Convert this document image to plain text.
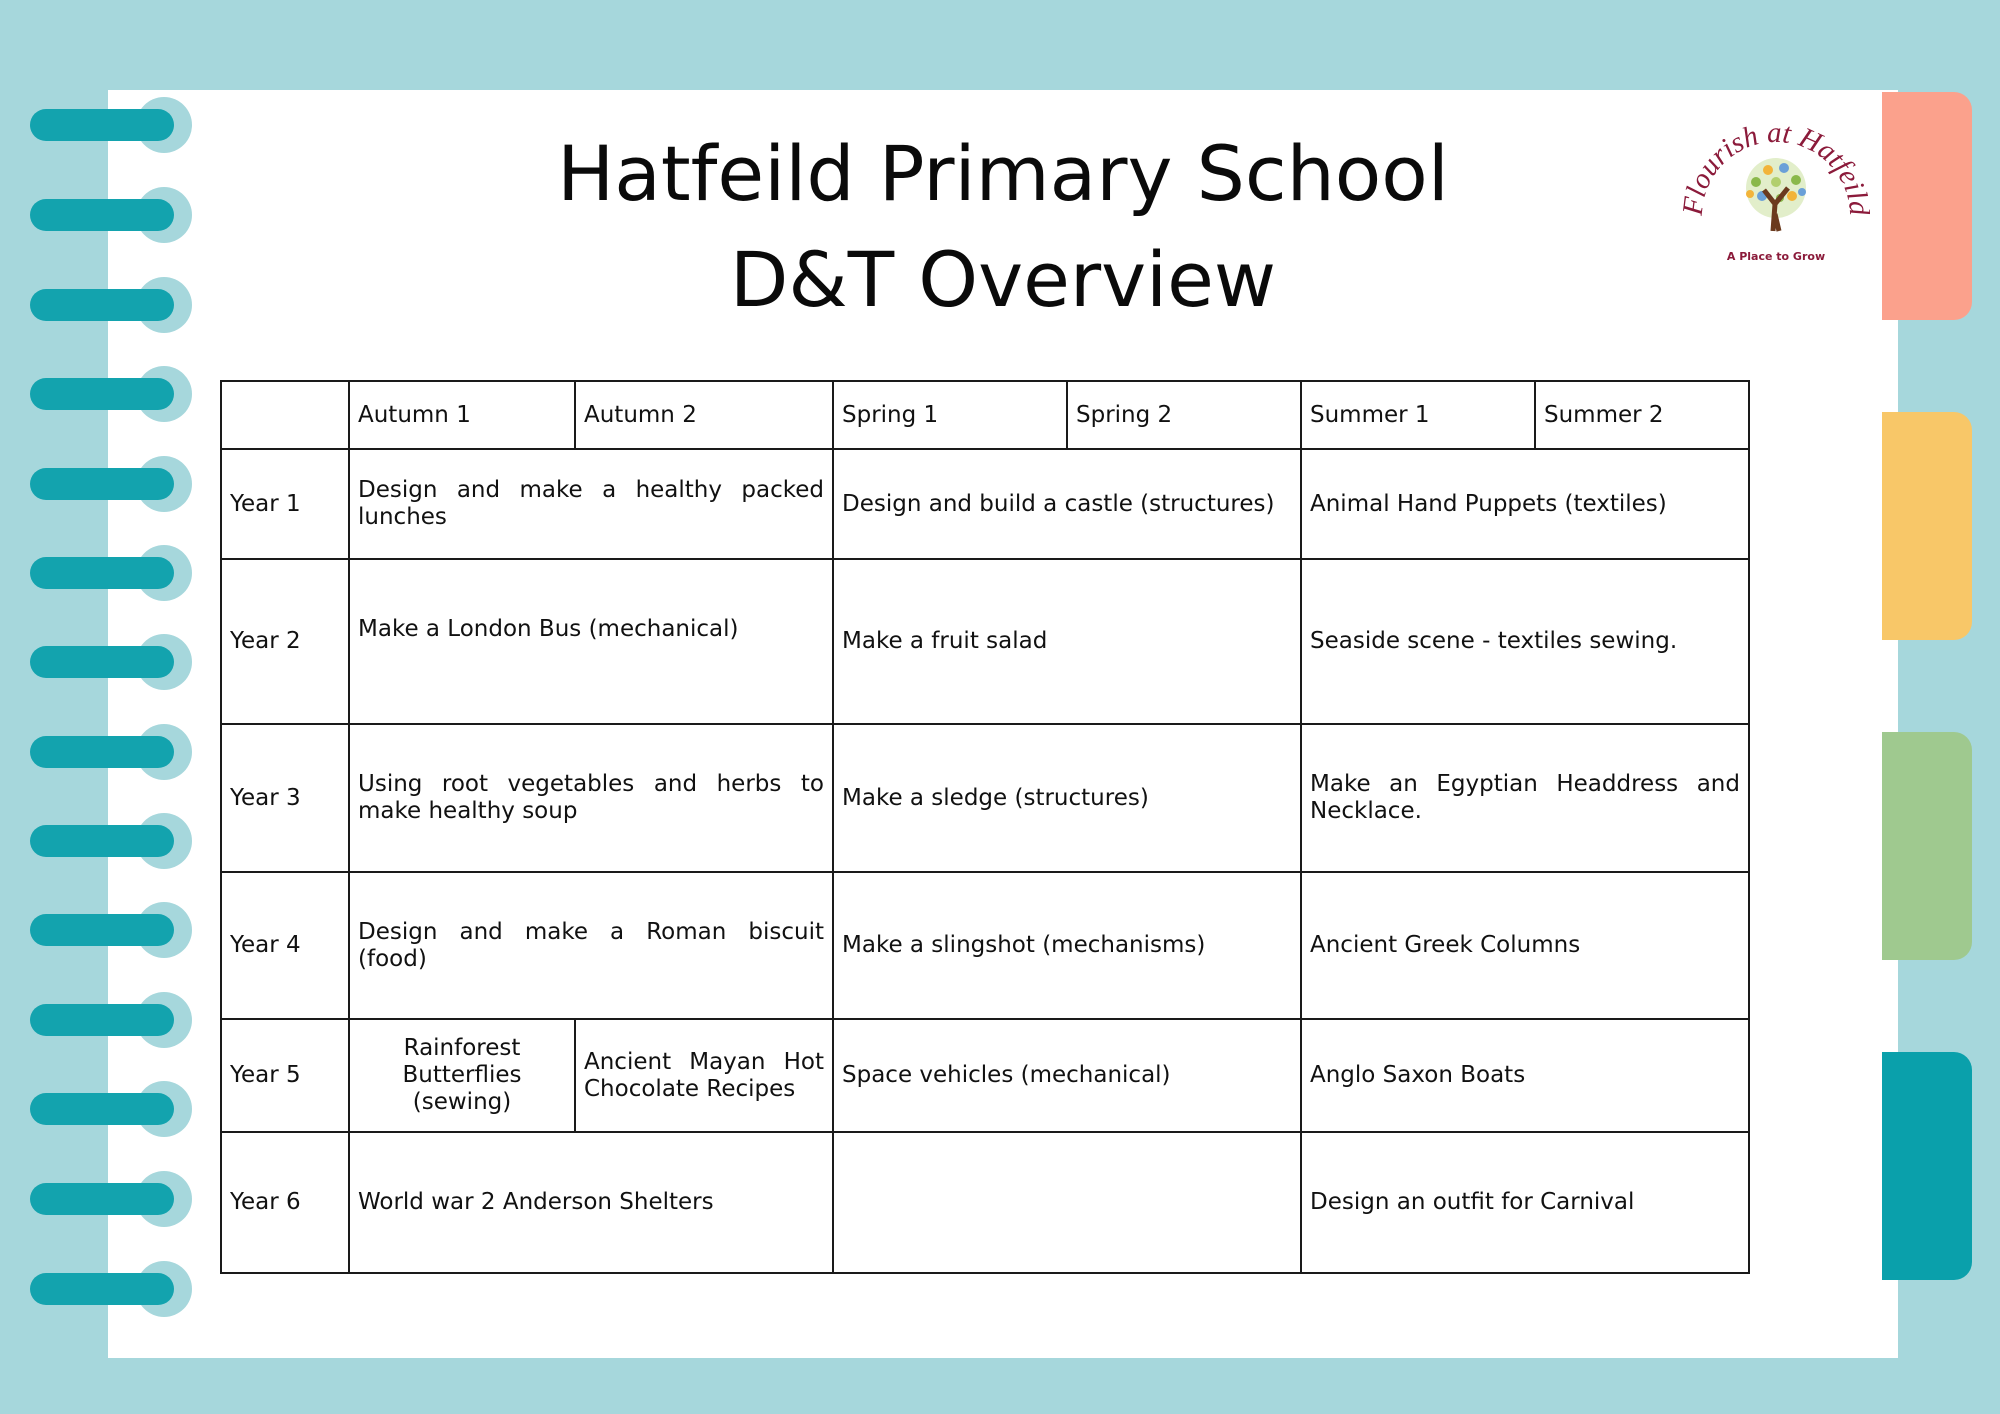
Hatfeild Primary School
D&T Overview
Flourish at Hatfeil
A Place to Grow
	Autumn 1	Autumn 2	Spring 1	Spring 2	Summer 1	Summer 2
Year 1	Design and make a healthy packed lunches		Design and build a castle (structures)		Animal Hand Puppets (textiles)	
Year 2	Make a London Bus (mechanical)		Make a fruit salad		Seaside scene - textiles sewing.	
Year 3	Using root vegetables and herbs to make healthy soup		Make a sledge (structures)		Make an Egyptian Headdress and Necklace.	
Year 4	Design and make a Roman biscuit (food)		Make a slingshot (mechanisms)		Ancient Greek Columns	
Year 5	Rainforest Butterflies (sewing)	Ancient Mayan Hot Chocolate Recipes	Space vehicles (mechanical)		Anglo Saxon Boats	
Year 6	World war 2 Anderson Shelters				Design an outfit for Carnival	
